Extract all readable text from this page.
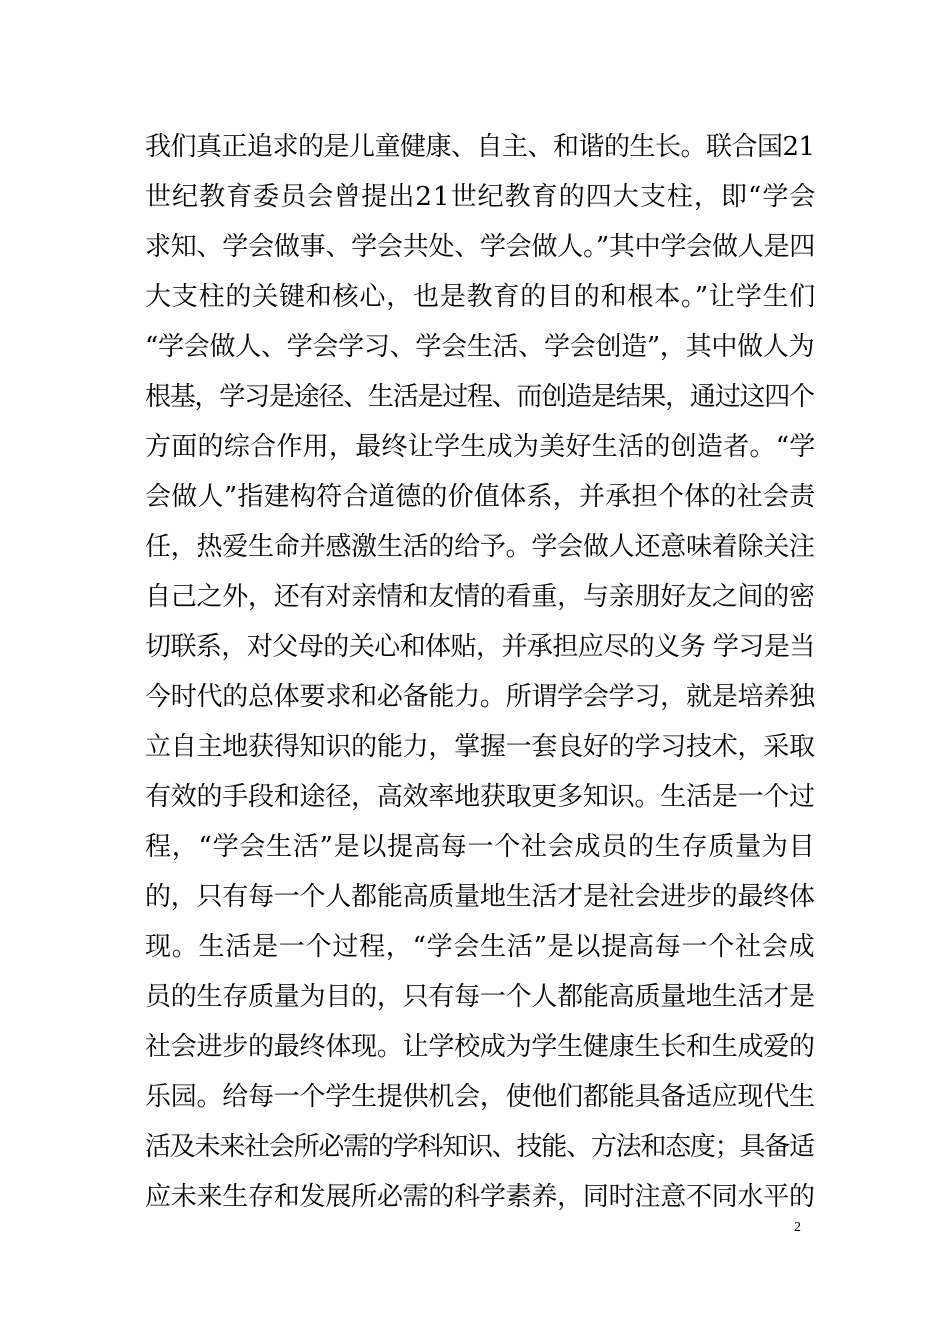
我们真正追求的是儿童健康、自主、和谐的生长。联合国21
世纪教育委员会曾提出21世纪教育的四大支柱，即“学会
求知、学会做事、学会共处、学会做人。”其中学会做人是四
大支柱的关键和核心，也是教育的目的和根本。”让学生们
“学会做人、学会学习、学会生活、学会创造”，其中做人为
根基，学习是途径、生活是过程、而创造是结果，通过这四个
方面的综合作用，最终让学生成为美好生活的创造者。“学
会做人”指建构符合道德的价值体系，并承担个体的社会责
任，热爱生命并感激生活的给予。学会做人还意味着除关注
自己之外，还有对亲情和友情的看重，与亲朋好友之间的密
切联系，对父母的关心和体贴，并承担应尽的义务 学习是当
今时代的总体要求和必备能力。所谓学会学习，就是培养独
立自主地获得知识的能力，掌握一套良好的学习技术，采取
有效的手段和途径，高效率地获取更多知识。生活是一个过
程，“学会生活”是以提高每一个社会成员的生存质量为目
的，只有每一个人都能高质量地生活才是社会进步的最终体
现。生活是一个过程，“学会生活”是以提高每一个社会成
员的生存质量为目的，只有每一个人都能高质量地生活才是
社会进步的最终体现。让学校成为学生健康生长和生成爱的
乐园。给每一个学生提供机会，使他们都能具备适应现代生
活及未来社会所必需的学科知识、技能、方法和态度；具备适
应未来生存和发展所必需的科学素养，同时注意不同水平的
2
